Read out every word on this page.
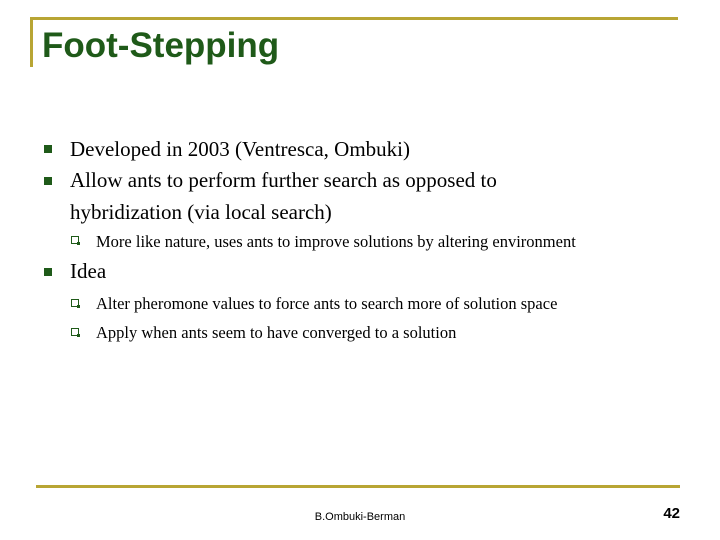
Foot-Stepping
Developed in 2003 (Ventresca, Ombuki)
Allow ants to perform further search as opposed to hybridization (via local search)
More like nature, uses ants to improve solutions by altering environment
Idea
Alter pheromone values to force ants to search more of solution space
Apply when ants seem to have converged to a solution
B.Ombuki-Berman	42
